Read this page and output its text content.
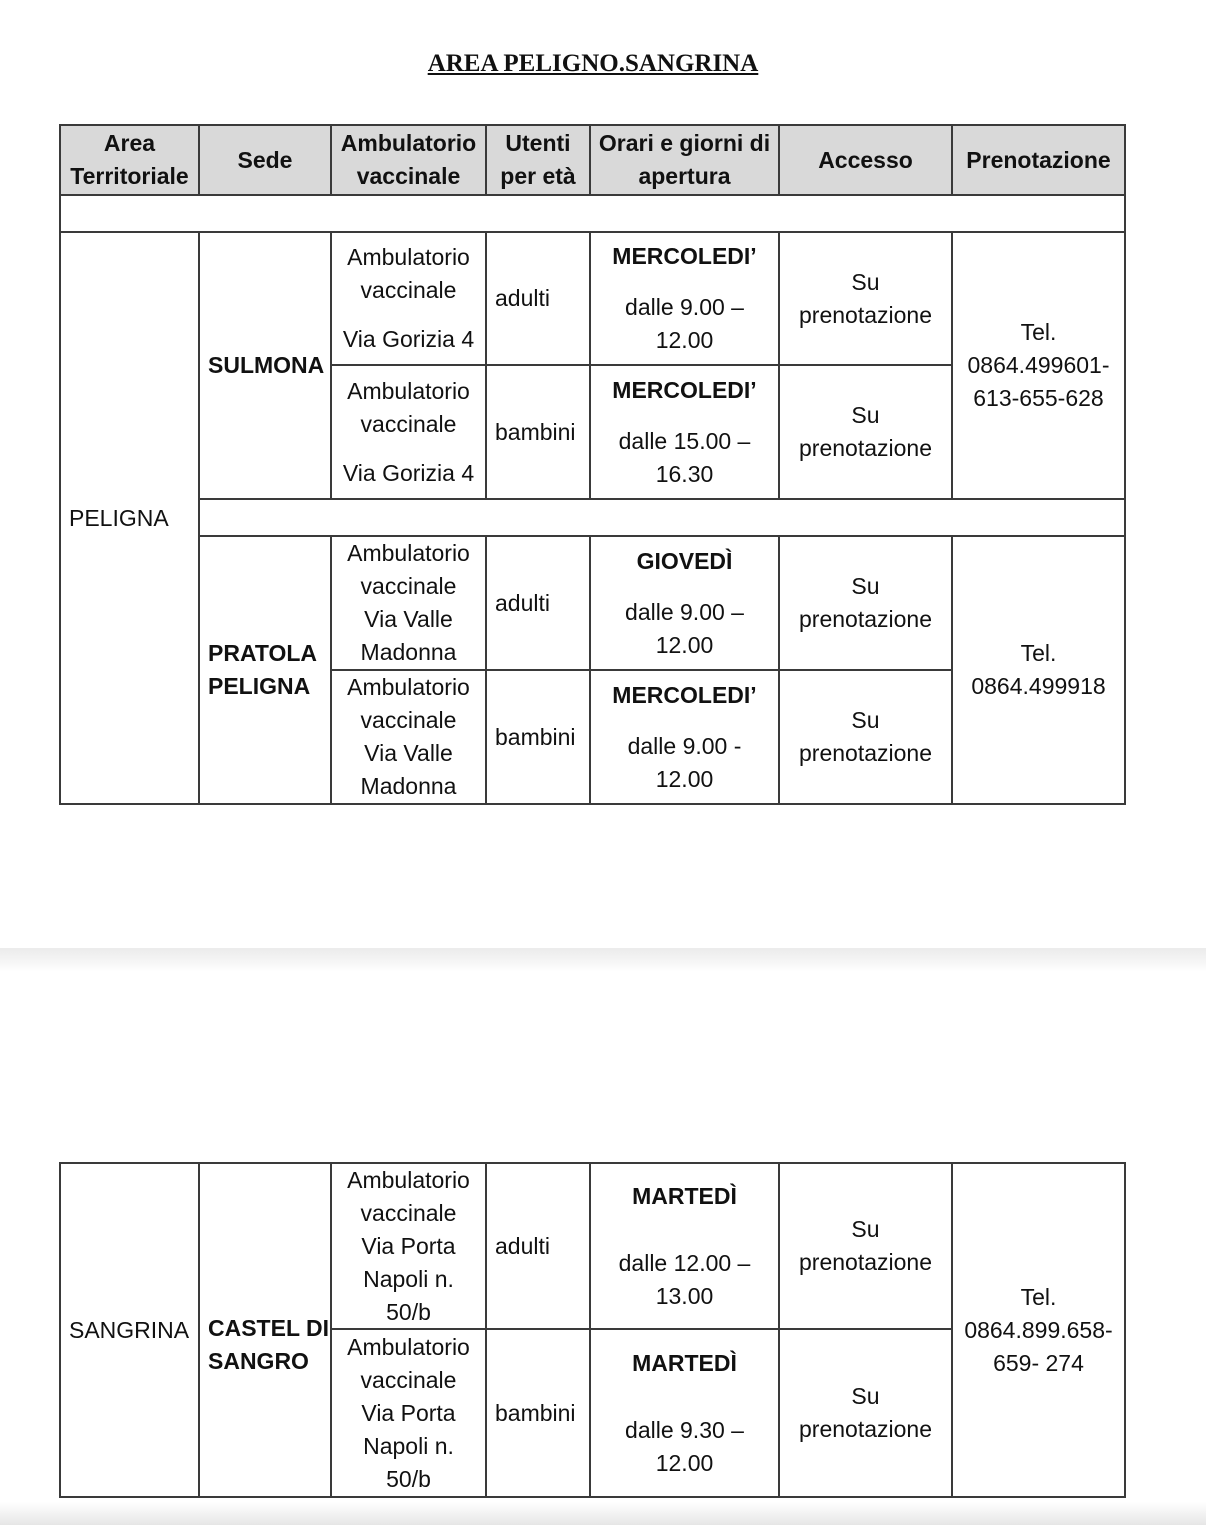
AREA PELIGNO.SANGRINA
Area
Territoriale
Sede
Ambulatorio
vaccinale
Utenti
per età
Orari e giorni di
apertura
Accesso Prenotazione
PELIGNA
SULMONA
Ambulatorio
vaccinale
Via Gorizia 4
adulti
MERCOLEDI’
dalle 9.00 –
12.00
Su
prenotazione
Ambulatorio
vaccinale
Via Gorizia 4
bambini
MERCOLEDI’
dalle 15.00 –
16.30
Su
prenotazione
Tel.
0864.499601-
613-655-628
PRATOLA
PELIGNA
Ambulatorio
vaccinale
Via Valle
Madonna
adulti
GIOVEDÌ
dalle 9.00 –
12.00
Su
prenotazione
Ambulatorio
vaccinale
Via Valle
Madonna
bambini
MERCOLEDI’
dalle 9.00 -
12.00
Su
prenotazione
Tel.
0864.499918
SANGRINA CASTEL DI
SANGRO
Ambulatorio
vaccinale
Via Porta
Napoli n.
50/b
adulti
MARTEDÌ
dalle 12.00 –
13.00
Su
prenotazione
Ambulatorio
vaccinale
Via Porta
Napoli n.
50/b
bambini
MARTEDÌ
dalle 9.30 –
12.00
Su
prenotazione
Tel.
0864.899.658-
659- 274
